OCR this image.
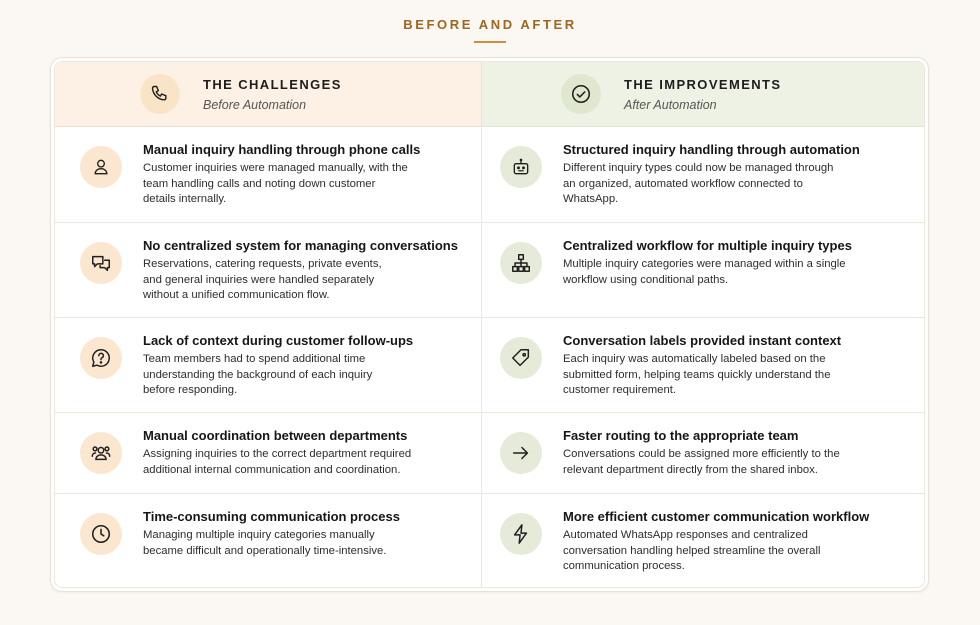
BEFORE AND AFTER
THE CHALLENGES
Before Automation
THE IMPROVEMENTS
After Automation
Manual inquiry handling through phone calls
Customer inquiries were managed manually, with the
team handling calls and noting down customer
details internally.
Structured inquiry handling through automation
Different inquiry types could now be managed through
an organized, automated workflow connected to
WhatsApp.
No centralized system for managing conversations
Reservations, catering requests, private events,
and general inquiries were handled separately
without a unified communication flow.
Centralized workflow for multiple inquiry types
Multiple inquiry categories were managed within a single
workflow using conditional paths.
Lack of context during customer follow-ups
Team members had to spend additional time
understanding the background of each inquiry
before responding.
Conversation labels provided instant context
Each inquiry was automatically labeled based on the
submitted form, helping teams quickly understand the
customer requirement.
Manual coordination between departments
Assigning inquiries to the correct department required
additional internal communication and coordination.
Faster routing to the appropriate team
Conversations could be assigned more efficiently to the
relevant department directly from the shared inbox.
Time-consuming communication process
Managing multiple inquiry categories manually
became difficult and operationally time-intensive.
More efficient customer communication workflow
Automated WhatsApp responses and centralized
conversation handling helped streamline the overall
communication process.
